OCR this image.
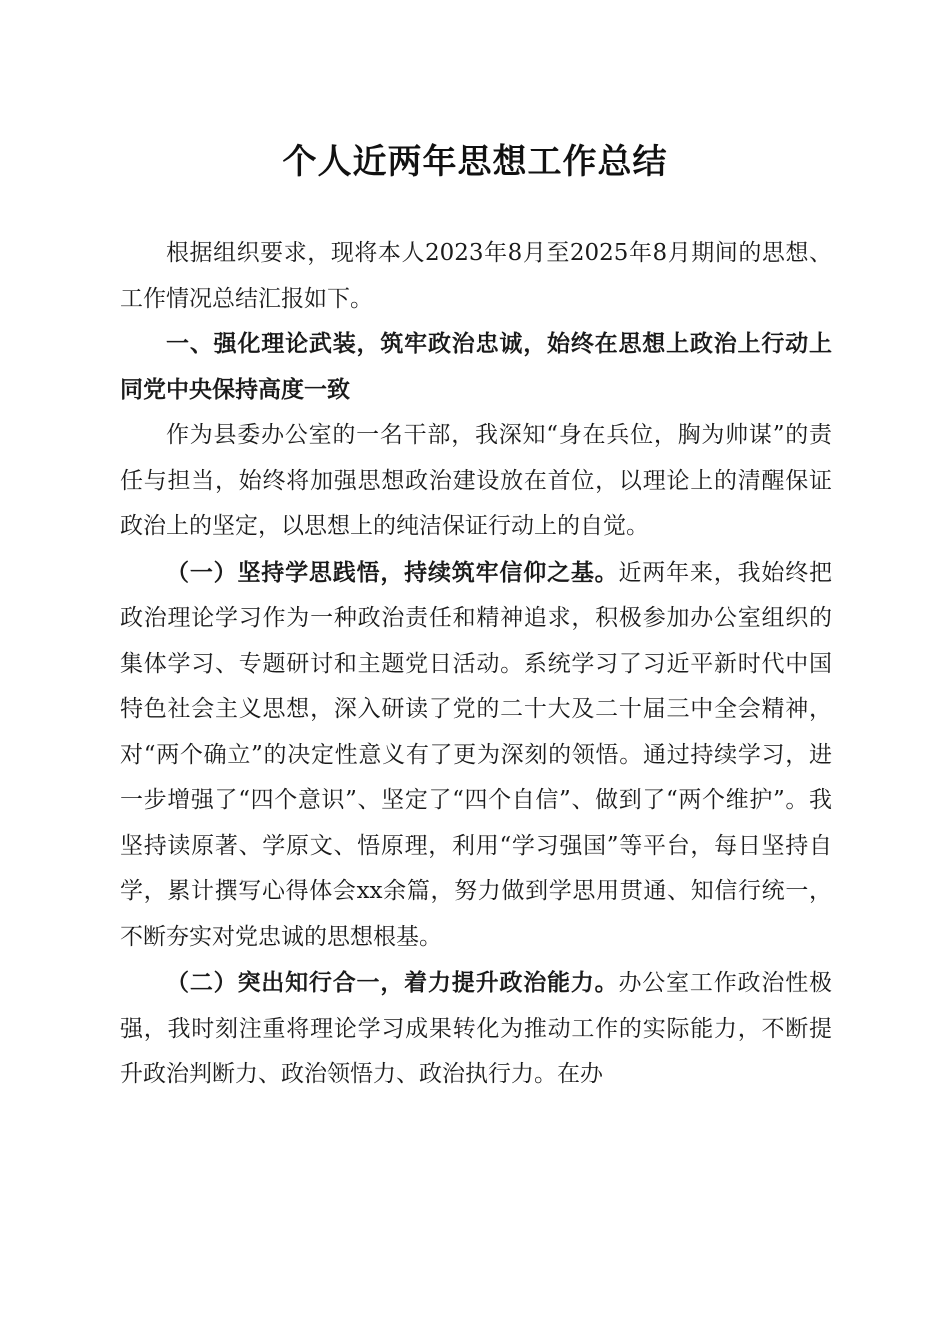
个人近两年思想工作总结

根据组织要求，现将本人2023年8月至2025年8月期间的思想、工作情况总结汇报如下。

一、强化理论武装，筑牢政治忠诚，始终在思想上政治上行动上同党中央保持高度一致

作为县委办公室的一名干部，我深知“身在兵位，胸为帅谋”的责任与担当，始终将加强思想政治建设放在首位，以理论上的清醒保证政治上的坚定，以思想上的纯洁保证行动上的自觉。

（一）坚持学思践悟，持续筑牢信仰之基。近两年来，我始终把政治理论学习作为一种政治责任和精神追求，积极参加办公室组织的集体学习、专题研讨和主题党日活动。系统学习了习近平新时代中国特色社会主义思想，深入研读了党的二十大及二十届三中全会精神，对“两个确立”的决定性意义有了更为深刻的领悟。通过持续学习，进一步增强了“四个意识”、坚定了“四个自信”、做到了“两个维护”。我坚持读原著、学原文、悟原理，利用“学习强国”等平台，每日坚持自学，累计撰写心得体会xx余篇，努力做到学思用贯通、知信行统一，不断夯实对党忠诚的思想根基。

（二）突出知行合一，着力提升政治能力。办公室工作政治性极强，我时刻注重将理论学习成果转化为推动工作的实际能力，不断提升政治判断力、政治领悟力、政治执行力。在办
